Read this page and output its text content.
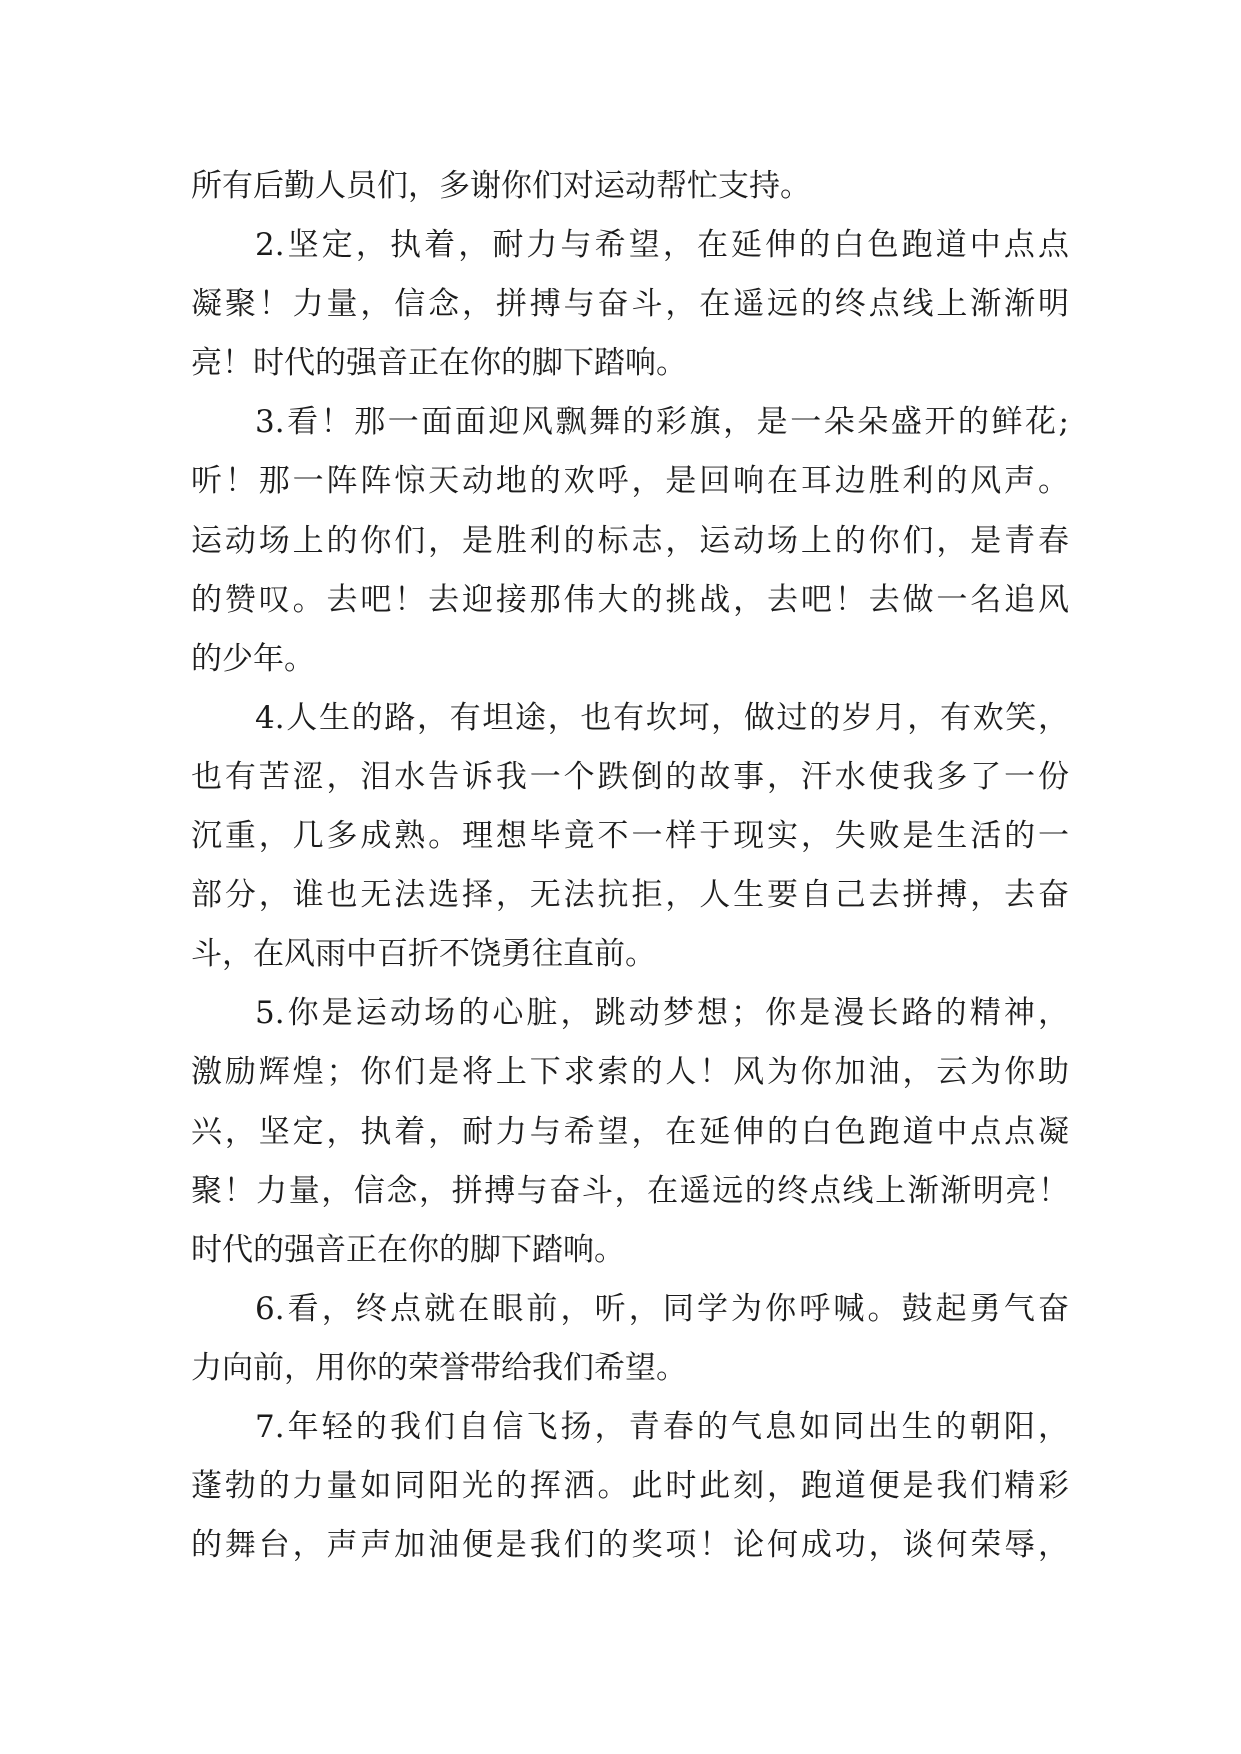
所有后勤人员们，多谢你们对运动帮忙支持。
2.坚定，执着，耐力与希望，在延伸的白色跑道中点点
凝聚！力量，信念，拼搏与奋斗，在遥远的终点线上渐渐明
亮！时代的强音正在你的脚下踏响。
3.看！那一面面迎风飘舞的彩旗，是一朵朵盛开的鲜花;
听！那一阵阵惊天动地的欢呼，是回响在耳边胜利的风声。
运动场上的你们，是胜利的标志，运动场上的你们，是青春
的赞叹。去吧！去迎接那伟大的挑战，去吧！去做一名追风
的少年。
4.人生的路，有坦途，也有坎坷，做过的岁月，有欢笑，
也有苦涩，泪水告诉我一个跌倒的故事，汗水使我多了一份
沉重，几多成熟。理想毕竟不一样于现实，失败是生活的一
部分，谁也无法选择，无法抗拒，人生要自己去拼搏，去奋
斗，在风雨中百折不饶勇往直前。
5.你是运动场的心脏，跳动梦想；你是漫长路的精神，
激励辉煌；你们是将上下求索的人！风为你加油，云为你助
兴，坚定，执着，耐力与希望，在延伸的白色跑道中点点凝
聚！力量，信念，拼搏与奋斗，在遥远的终点线上渐渐明亮！
时代的强音正在你的脚下踏响。
6.看，终点就在眼前，听，同学为你呼喊。鼓起勇气奋
力向前，用你的荣誉带给我们希望。
7.年轻的我们自信飞扬，青春的气息如同出生的朝阳，
蓬勃的力量如同阳光的挥洒。此时此刻，跑道便是我们精彩
的舞台，声声加油便是我们的奖项！论何成功，谈何荣辱，
